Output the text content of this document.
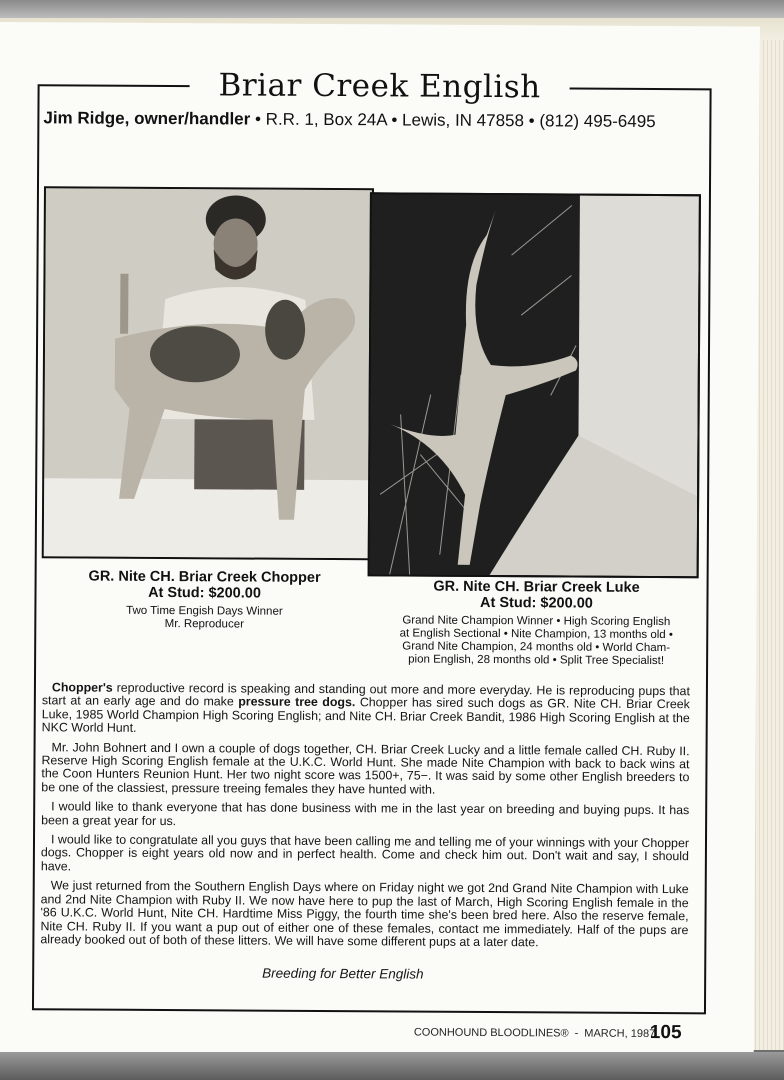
Briar Creek English
Jim Ridge, owner/handler • R.R. 1, Box 24A • Lewis, IN 47858 • (812) 495-6495
GR. Nite CH. Briar Creek Chopper
At Stud: $200.00
Two Time Engish Days Winner
Mr. Reproducer
GR. Nite CH. Briar Creek Luke
At Stud: $200.00
Grand Nite Champion Winner • High Scoring English
at English Sectional • Nite Champion, 13 months old •
Grand Nite Champion, 24 months old • World Cham-
pion English, 28 months old • Split Tree Specialist!

Chopper's reproductive record is speaking and standing out more and more everyday. He is reproducing pups that start at an early age and do make pressure tree dogs. Chopper has sired such dogs as GR. Nite CH. Briar Creek Luke, 1985 World Champion High Scoring English; and Nite CH. Briar Creek Bandit, 1986 High Scoring English at the NKC World Hunt.

Mr. John Bohnert and I own a couple of dogs together, CH. Briar Creek Lucky and a little female called CH. Ruby II. Reserve High Scoring English female at the U.K.C. World Hunt. She made Nite Champion with back to back wins at the Coon Hunters Reunion Hunt. Her two night score was 1500+, 75−. It was said by some other English breeders to be one of the classiest, pressure treeing females they have hunted with.

I would like to thank everyone that has done business with me in the last year on breeding and buying pups. It has been a great year for us.

I would like to congratulate all you guys that have been calling me and telling me of your winnings with your Chopper dogs. Chopper is eight years old now and in perfect health. Come and check him out. Don't wait and say, I should have.

We just returned from the Southern English Days where on Friday night we got 2nd Grand Nite Champion with Luke and 2nd Nite Champion with Ruby II. We now have here to pup the last of March, High Scoring English female in the '86 U.K.C. World Hunt, Nite CH. Hardtime Miss Piggy, the fourth time she's been bred here. Also the reserve female, Nite CH. Ruby II. If you want a pup out of either one of these females, contact me immediately. Half of the pups are already booked out of both of these litters. We will have some different pups at a later date.

Breeding for Better English
COONHOUND BLOODLINES® - MARCH, 1987
105
